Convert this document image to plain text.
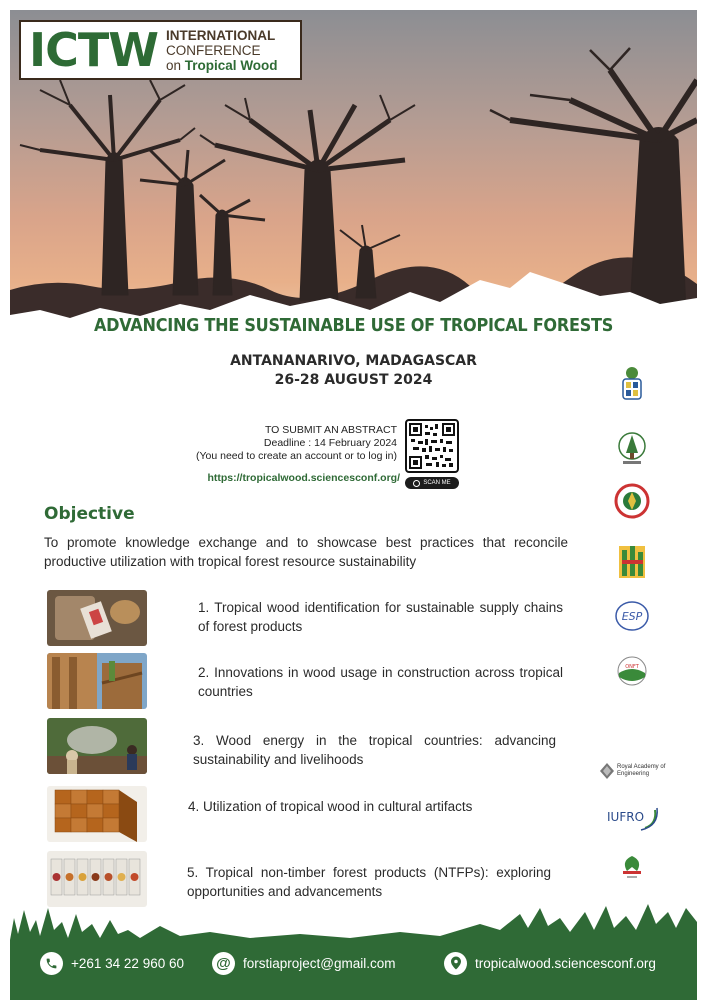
ICTW INTERNATIONAL
CONFERENCE
on Tropical Wood
ADVANCING THE SUSTAINABLE USE OF TROPICAL FORESTS
ANTANANARIVO, MADAGASCAR
26-28 AUGUST 2024
TO SUBMIT AN ABSTRACT
Deadline : 14 February 2024
(You need to create an account or to log in)
https://tropicalwood.sciencesconf.org/	SCAN ME
Objective
To promote knowledge exchange and to showcase best practices that reconcile productive utilization with tropical forest resource sustainability
1. Tropical wood identification for sustainable supply chains of forest products
2. Innovations in wood usage in construction across tropical countries
3. Wood energy in the tropical countries: advancing sustainability and livelihoods
4. Utilization of tropical wood in cultural artifacts
5. Tropical non-timber forest products (NTFPs): exploring opportunities and advancements
ESP
ONFT
Royal Academy of Engineering
IUFRO
+261 34 22 960 60 @ forstiaproject@gmail.com	tropicalwood.sciencesconf.org
